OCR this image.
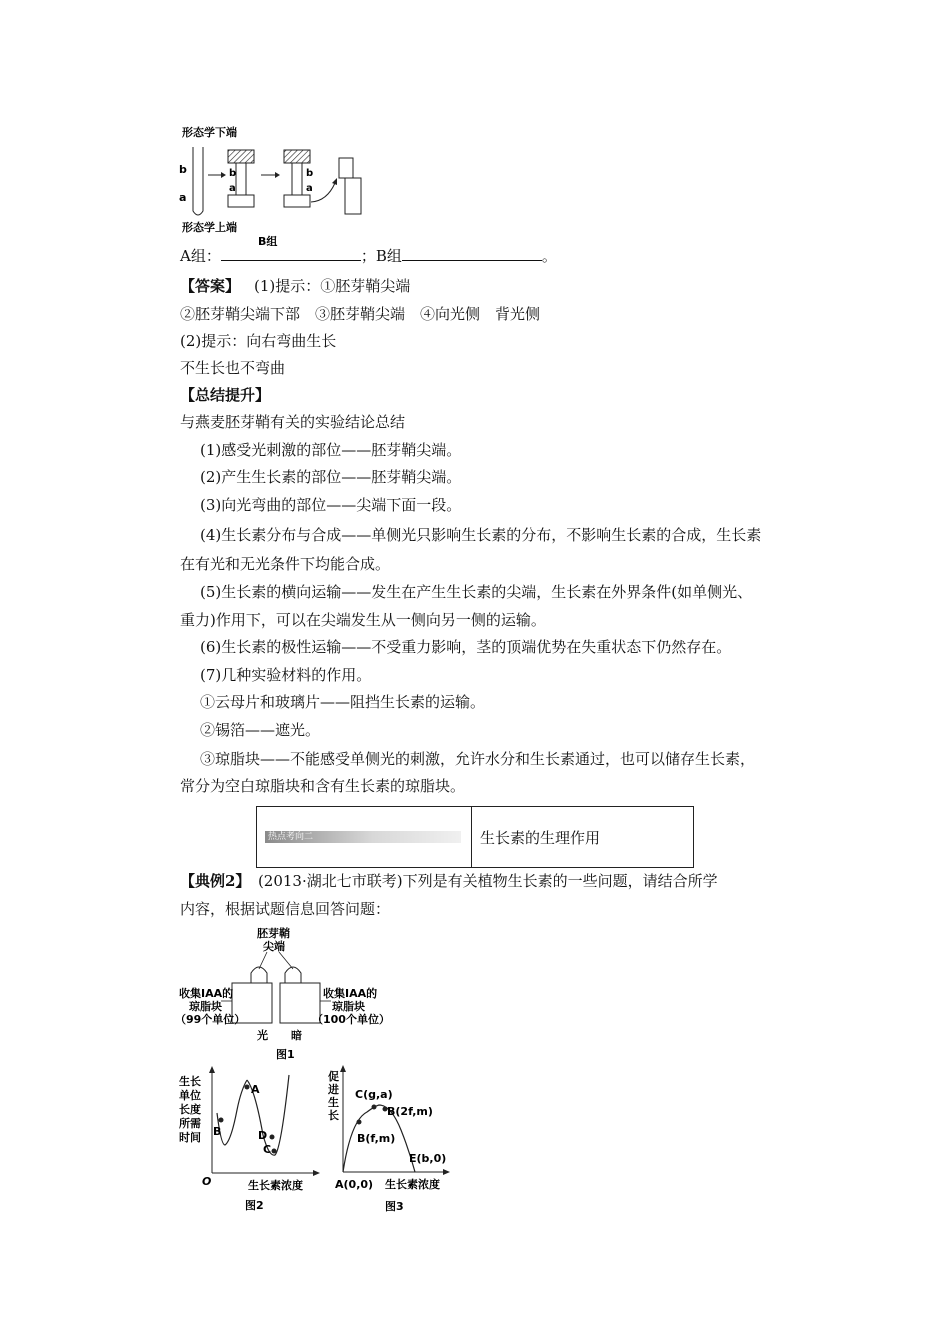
形态学下端
b
a
b
a
b
a
形态学上端
B组
A组：	；B组	。
【答案】 (1)提示：①胚芽鞘尖端
②胚芽鞘尖端下部　③胚芽鞘尖端　④向光侧　背光侧
(2)提示：向右弯曲生长
不生长也不弯曲
【总结提升】
与燕麦胚芽鞘有关的实验结论总结
(1)感受光刺激的部位——胚芽鞘尖端。
(2)产生生长素的部位——胚芽鞘尖端。
(3)向光弯曲的部位——尖端下面一段。
(4)生长素分布与合成——单侧光只影响生长素的分布，不影响生长素的合成，生长素
在有光和无光条件下均能合成。
(5)生长素的横向运输——发生在产生生长素的尖端，生长素在外界条件(如单侧光、
重力)作用下，可以在尖端发生从一侧向另一侧的运输。
(6)生长素的极性运输——不受重力影响，茎的顶端优势在失重状态下仍然存在。
(7)几种实验材料的作用。
①云母片和玻璃片——阻挡生长素的运输。
②锡箔——遮光。
③琼脂块——不能感受单侧光的刺激，允许水分和生长素通过，也可以储存生长素，
常分为空白琼脂块和含有生长素的琼脂块。
热点考向二	生长素的生理作用
【典例2】　(2013·湖北七市联考)下列是有关植物生长素的一些问题，请结合所学
内容，根据试题信息回答问题：
胚芽鞘
尖端
收集IAA的
琼脂块
（99个单位）
收集IAA的
琼脂块
（100个单位）
光 暗
图1
生长
单位
长度
所需
时间
A
B	D
C
O	生长素浓度
图2
促
进
生
长
C(g,a)
B(2f,m)
B(f,m)
E(b,0)
A(0,0) 生长素浓度
图3
